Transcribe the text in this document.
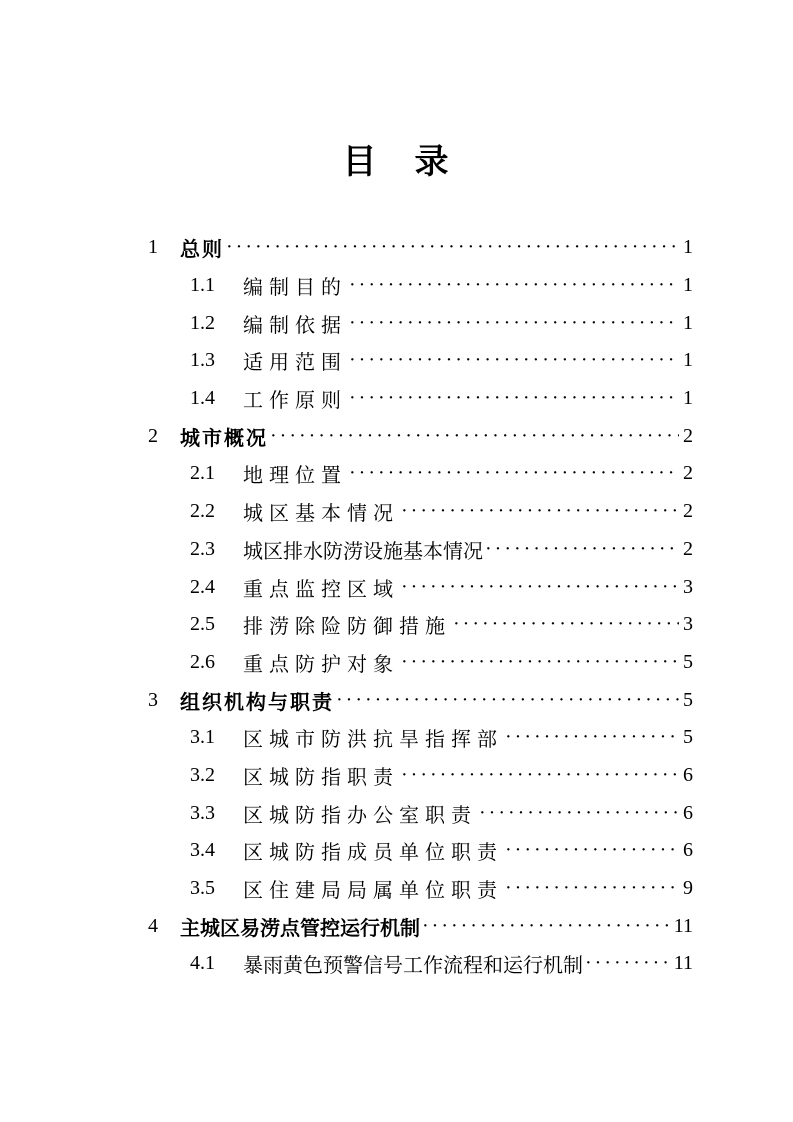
目　录
1	总则 ·····	1
1.1	编制目的 ·····	1
1.2	编制依据 ·····	1
1.3	适用范围 ·····	1
1.4	工作原则 ·····	1
2	城市概况 ·····	2
2.1	地理位置 ·····	2
2.2	城区基本情况 ·····	2
2.3	城区排水防涝设施基本情况 ·····	2
2.4	重点监控区域 ·····	3
2.5	排涝除险防御措施 ·····	3
2.6	重点防护对象 ·····	5
3	组织机构与职责 ·····	5
3.1	区城市防洪抗旱指挥部 ·····	5
3.2	区城防指职责 ·····	6
3.3	区城防指办公室职责 ·····	6
3.4	区城防指成员单位职责 ·····	6
3.5	区住建局局属单位职责 ·····	9
4	主城区易涝点管控运行机制 ·····	11
4.1	暴雨黄色预警信号工作流程和运行机制 ·····	11
